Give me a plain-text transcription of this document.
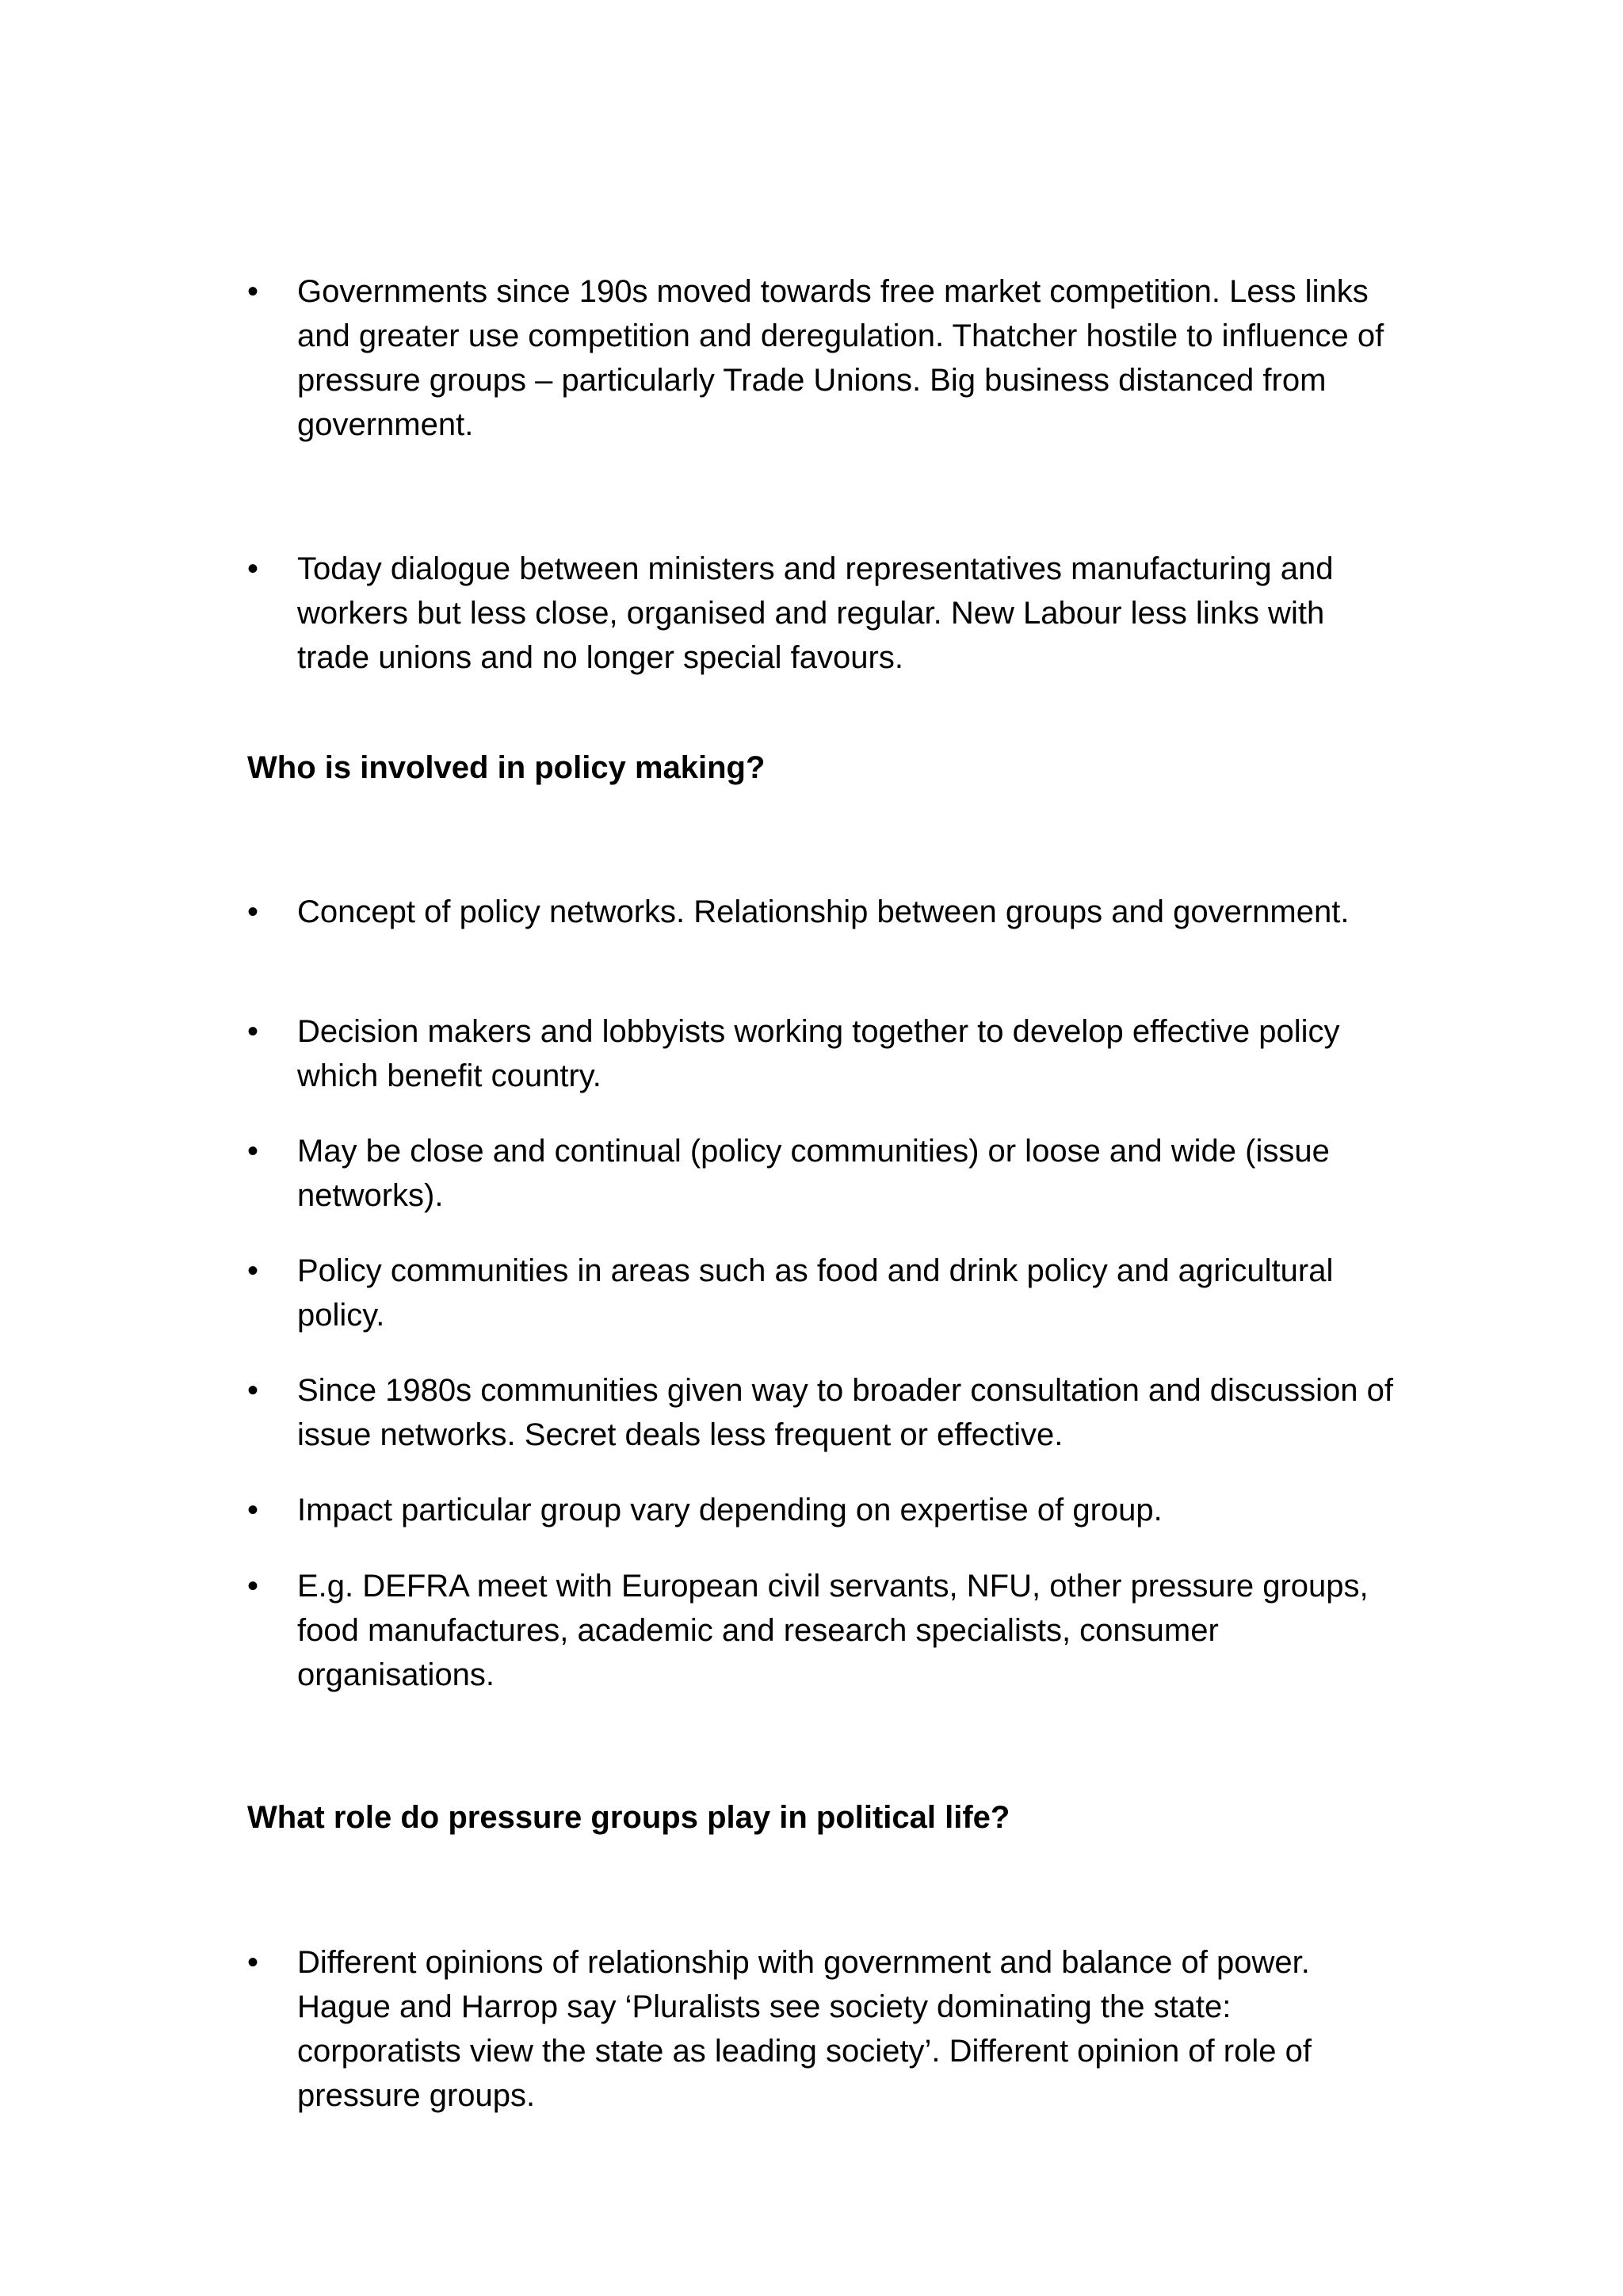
•	Governments since 190s moved towards free market competition. Less links and greater use competition and deregulation. Thatcher hostile to influence of pressure groups – particularly Trade Unions. Big business distanced from government.
•	Today dialogue between ministers and representatives manufacturing and workers but less close, organised and regular. New Labour less links with trade unions and no longer special favours.
Who is involved in policy making?
•	Concept of policy networks. Relationship between groups and government.
•	Decision makers and lobbyists working together to develop effective policy which benefit country.
•	May be close and continual (policy communities) or loose and wide (issue networks).
•	Policy communities in areas such as food and drink policy and agricultural policy.
•	Since 1980s communities given way to broader consultation and discussion of issue networks. Secret deals less frequent or effective.
•	Impact particular group vary depending on expertise of group.
•	E.g. DEFRA meet with European civil servants, NFU, other pressure groups, food manufactures, academic and research specialists, consumer organisations.
What role do pressure groups play in political life?
•	Different opinions of relationship with government and balance of power. Hague and Harrop say ‘Pluralists see society dominating the state: corporatists view the state as leading society’. Different opinion of role of pressure groups.
